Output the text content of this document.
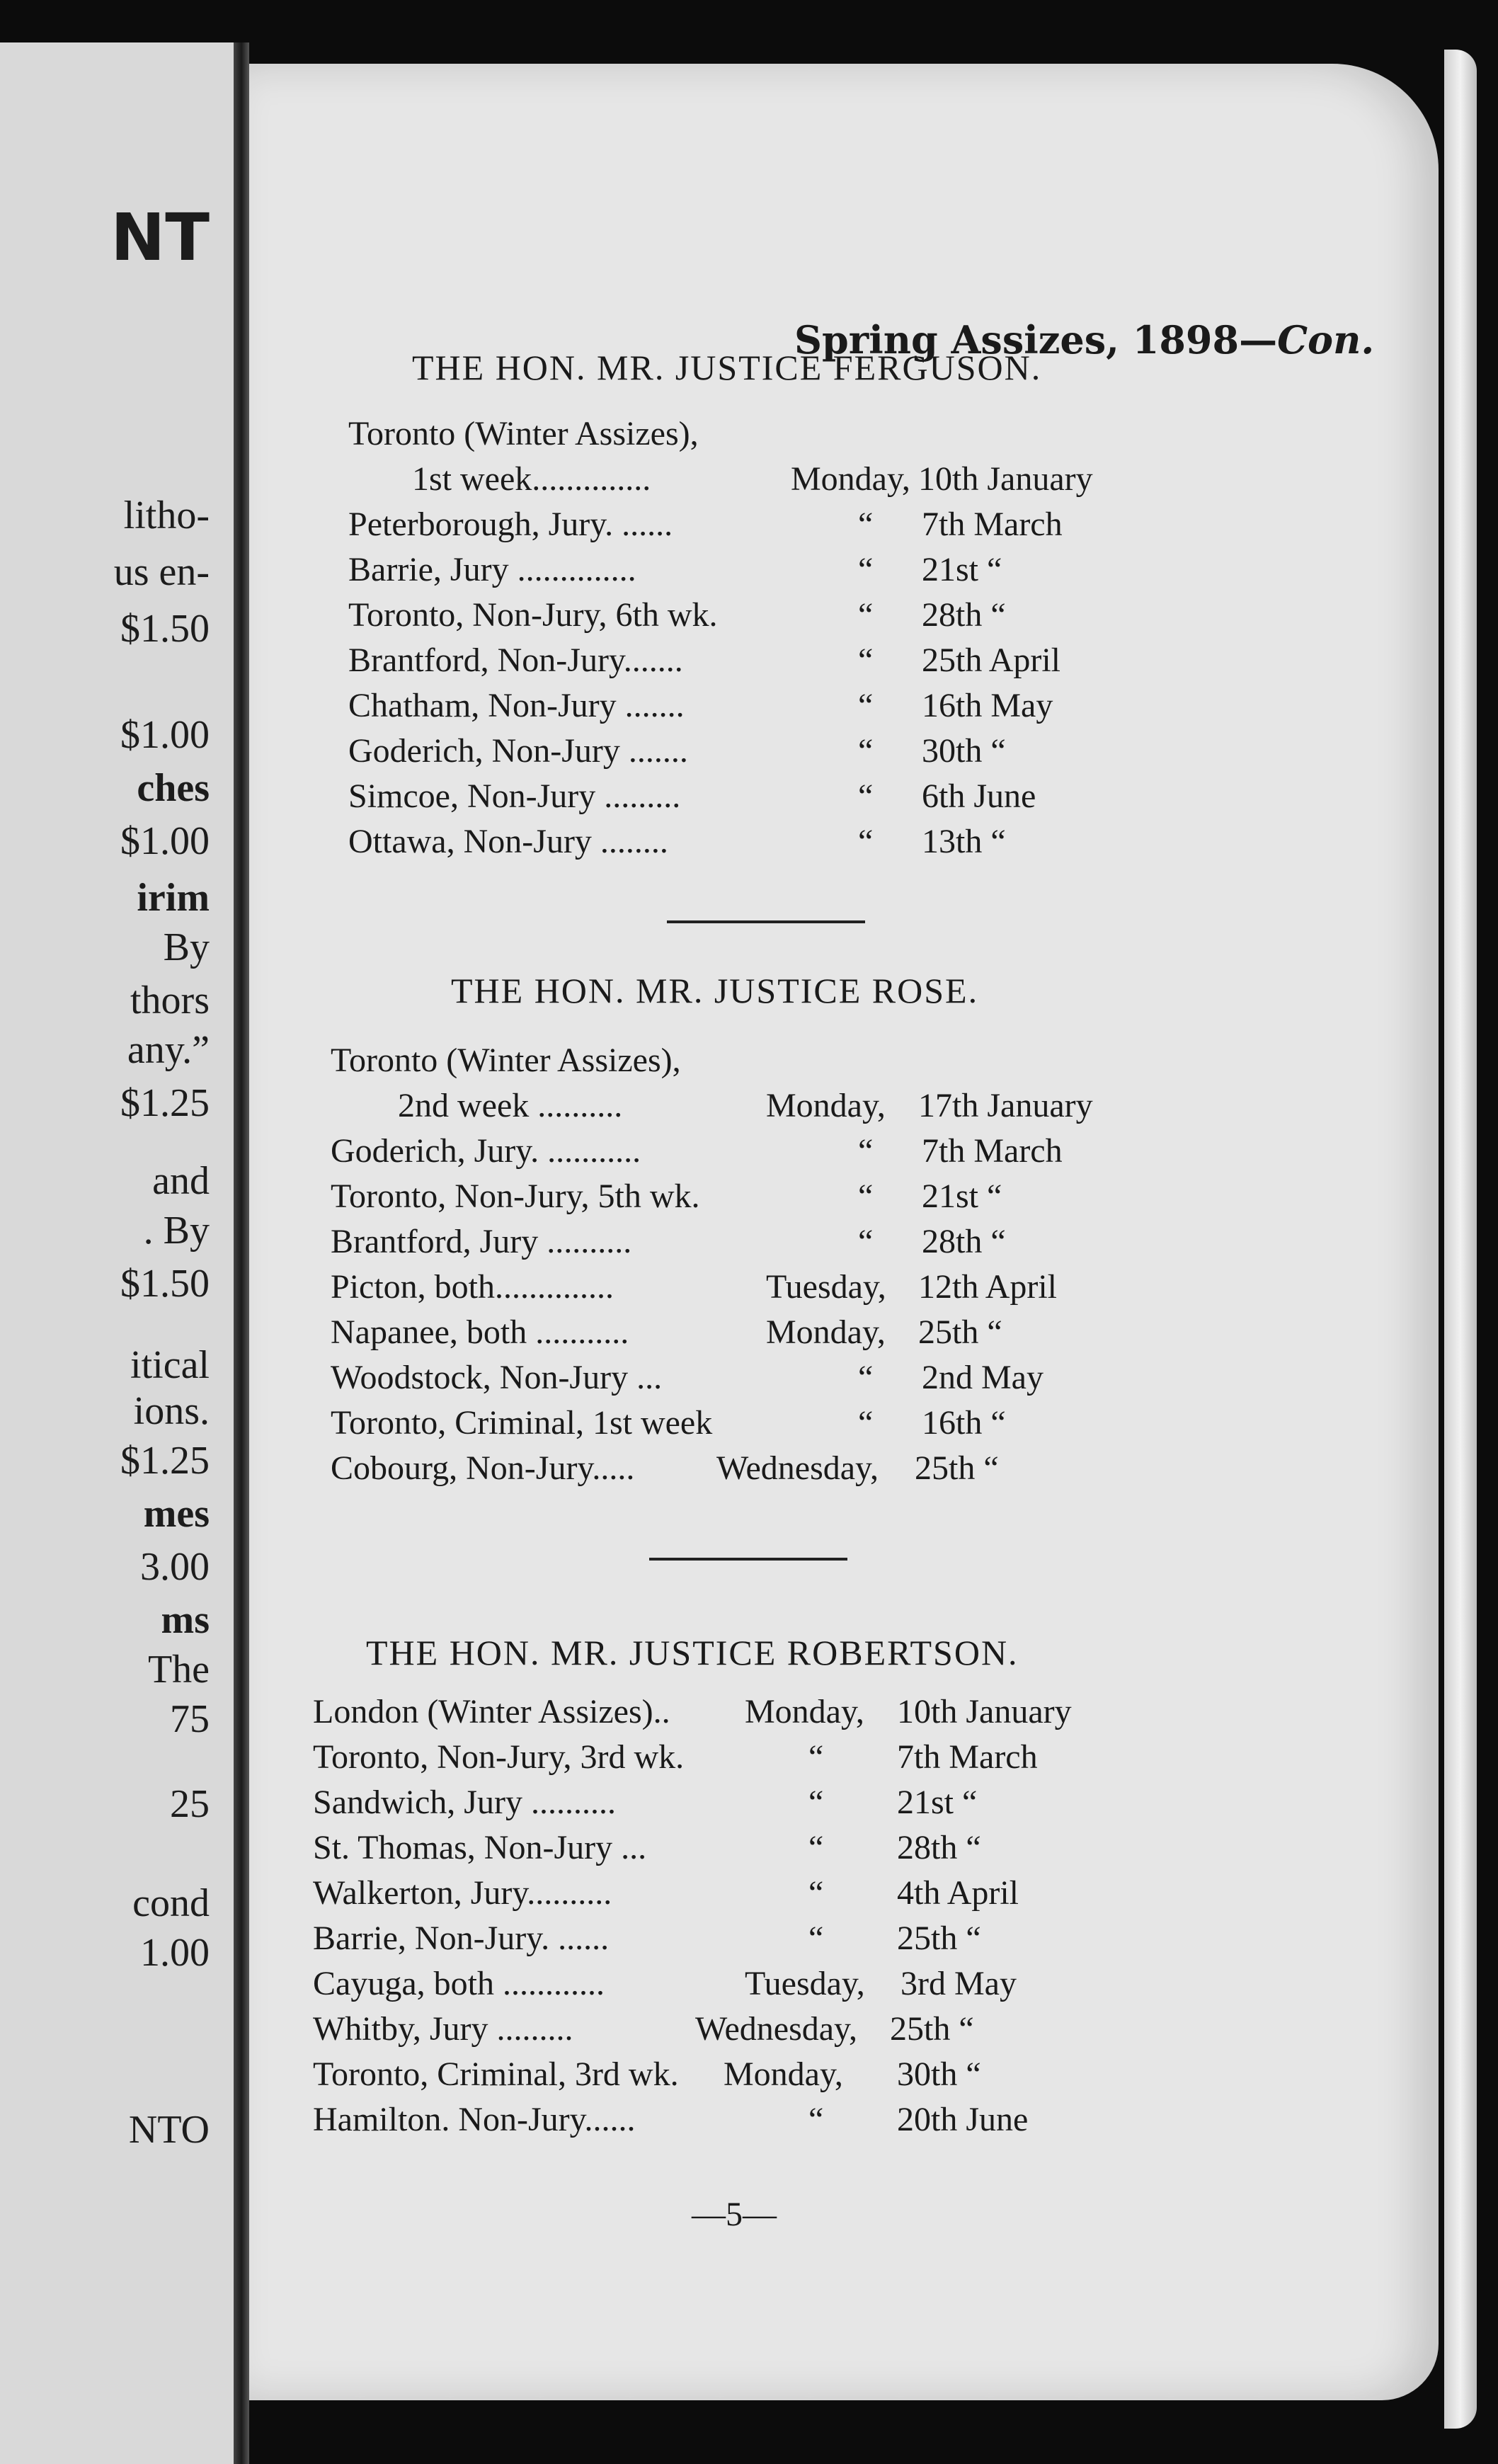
NT
litho-
us en-
$1.50
$1.00
ches
$1.00
irim
By
thors
any.”
$1.25
and
. By
$1.50
itical
ions.
$1.25
mes
3.00
ms
The
75
25
cond
1.00
NTO
Spring Assizes, 1898—Con.
THE HON. MR. JUSTICE FERGUSON.
Toronto (Winter Assizes),
1st week..............	Monday, 10th January
Peterborough, Jury. ......	“ 7th March
Barrie, Jury ..............	“ 21st “
Toronto, Non-Jury, 6th wk.	“ 28th “
Brantford, Non-Jury.......	“ 25th April
Chatham, Non-Jury .......	“ 16th May
Goderich, Non-Jury .......	“ 30th “
Simcoe, Non-Jury .........	“ 6th June
Ottawa, Non-Jury ........	“ 13th “
THE HON. MR. JUSTICE ROSE.
Toronto (Winter Assizes),
2nd week ..........	Monday, 17th January
Goderich, Jury. ...........	“ 7th March
Toronto, Non-Jury, 5th wk.	“ 21st “
Brantford, Jury ..........	“ 28th “
Picton, both..............	Tuesday, 12th April
Napanee, both ...........	Monday, 25th “
Woodstock, Non-Jury ...	“ 2nd May
Toronto, Criminal, 1st week	“ 16th “
Cobourg, Non-Jury..... Wednesday, 25th “
THE HON. MR. JUSTICE ROBERTSON.
London (Winter Assizes).. Monday, 10th January
Toronto, Non-Jury, 3rd wk.	“ 7th March
Sandwich, Jury ..........	“ 21st “
St. Thomas, Non-Jury ...	“ 28th “
Walkerton, Jury..........	“ 4th April
Barrie, Non-Jury. ......	“ 25th “
Cayuga, both ............	Tuesday, 3rd May
Whitby, Jury .........	Wednesday, 25th “
Toronto, Criminal, 3rd wk. Monday, 30th “
Hamilton. Non-Jury......	“ 20th June
—5—
